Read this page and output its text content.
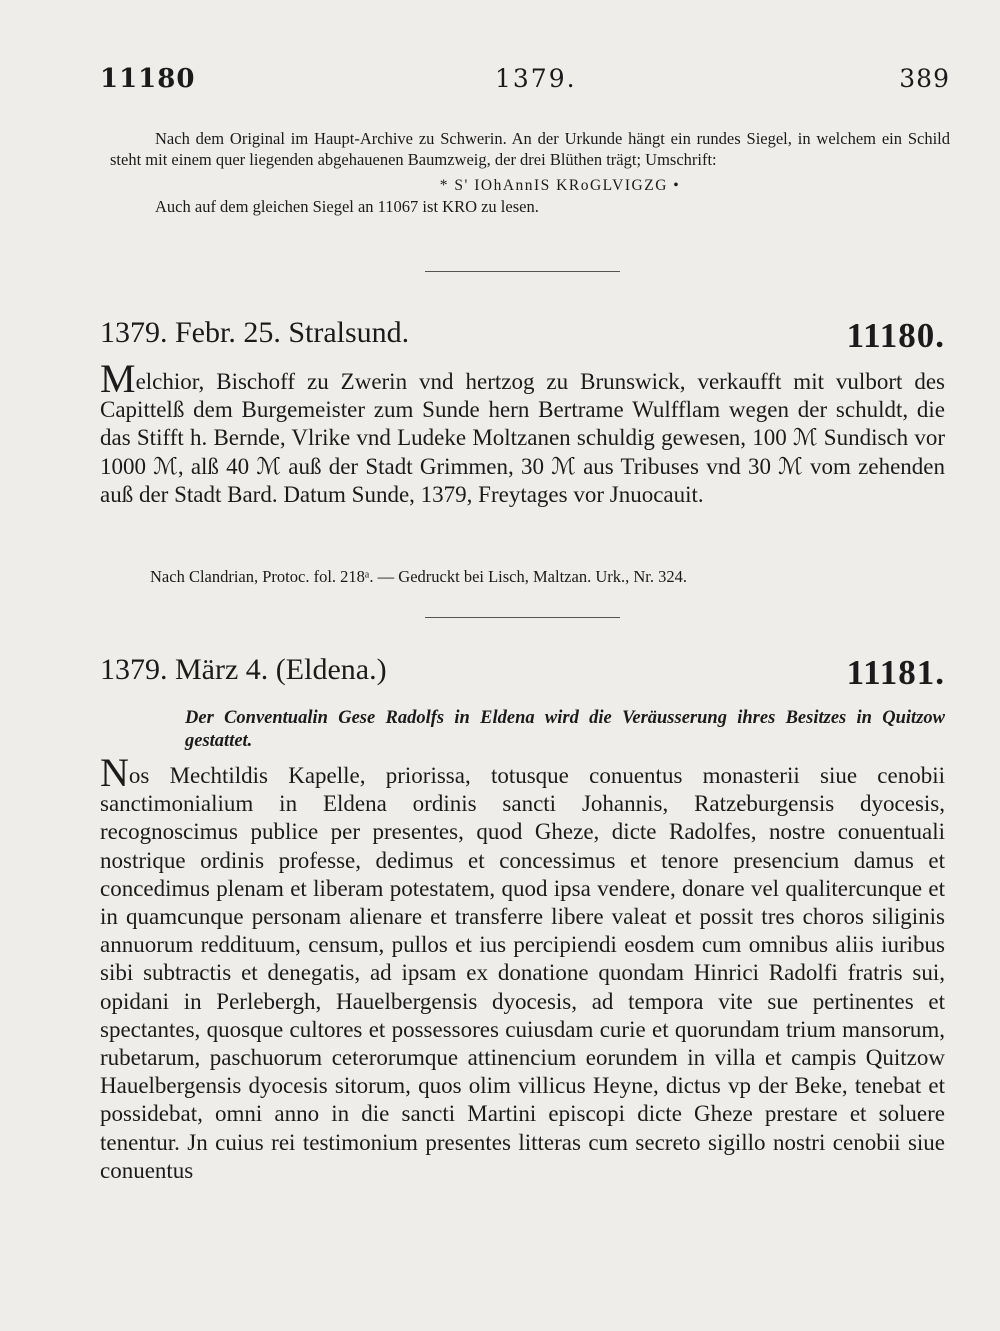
11180	1379.	389

Nach dem Original im Haupt-Archive zu Schwerin. An der Urkunde hängt ein rundes Siegel, in welchem ein Schild steht mit einem quer liegenden abgehauenen Baumzweig, der drei Blüthen trägt; Umschrift:

* S' IOhAnnIS KRoGLVIGZG •

Auch auf dem gleichen Siegel an 11067 ist KRO zu lesen.

1379. Febr. 25. Stralsund.	11180.

Melchior, Bischoff zu Zwerin vnd hertzog zu Brunswick, verkaufft mit vulbort des Capittelß dem Burgemeister zum Sunde hern Bertrame Wulfflam wegen der schuldt, die das Stifft h. Bernde, Vlrike vnd Ludeke Moltzanen schuldig gewesen, 100 ℳ Sundisch vor 1000 ℳ, alß 40 ℳ auß der Stadt Grimmen, 30 ℳ aus Tribuses vnd 30 ℳ vom zehenden auß der Stadt Bard. Datum Sunde, 1379, Freytages vor Jnuocauit.

Nach Clandrian, Protoc. fol. 218ᵃ. — Gedruckt bei Lisch, Maltzan. Urk., Nr. 324.
1379. März 4. (Eldena.)	11181.

Der Conventualin Gese Radolfs in Eldena wird die Veräusserung ihres Besitzes in Quitzow gestattet.

Nos Mechtildis Kapelle, priorissa, totusque conuentus monasterii siue cenobii sanctimonialium in Eldena ordinis sancti Johannis, Ratzeburgensis dyocesis, recognoscimus publice per presentes, quod Gheze, dicte Radolfes, nostre conuentuali nostrique ordinis professe, dedimus et concessimus et tenore presencium damus et concedimus plenam et liberam potestatem, quod ipsa vendere, donare vel qualitercunque et in quamcunque personam alienare et transferre libere valeat et possit tres choros siliginis annuorum reddituum, censum, pullos et ius percipiendi eosdem cum omnibus aliis iuribus sibi subtractis et denegatis, ad ipsam ex donatione quondam Hinrici Radolfi fratris sui, opidani in Perlebergh, Hauelbergensis dyocesis, ad tempora vite sue pertinentes et spectantes, quosque cultores et possessores cuiusdam curie et quorundam trium mansorum, rubetarum, paschuorum ceterorumque attinencium eorundem in villa et campis Quitzow Hauelbergensis dyocesis sitorum, quos olim villicus Heyne, dictus vp der Beke, tenebat et possidebat, omni anno in die sancti Martini episcopi dicte Gheze prestare et soluere tenentur. Jn cuius rei testimonium presentes litteras cum secreto sigillo nostri cenobii siue conuentus
